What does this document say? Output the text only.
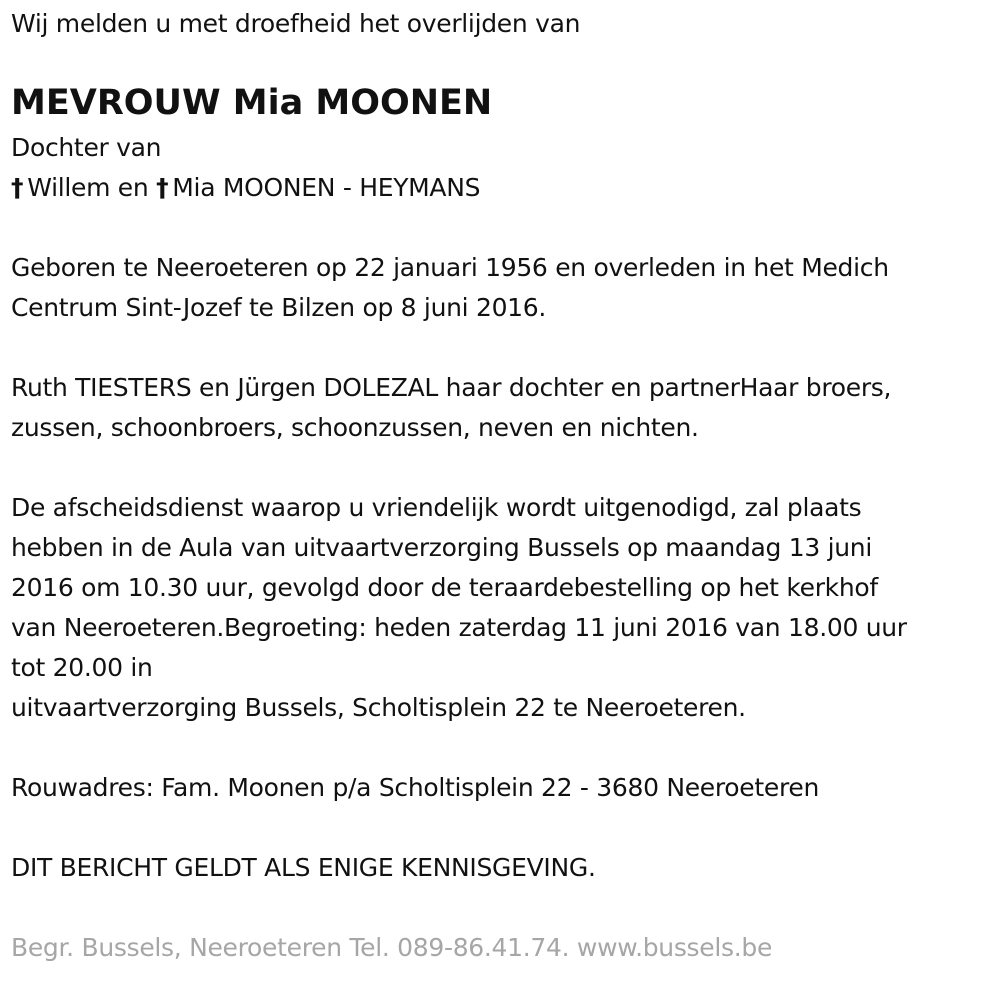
Wij melden u met droefheid het overlijden van
MEVROUW Mia MOONEN
Dochter van
† Willem en † Mia MOONEN - HEYMANS
Geboren te Neeroeteren op 22 januari 1956 en overleden in het Medich
Centrum Sint-Jozef te Bilzen op 8 juni 2016.
Ruth TIESTERS en Jürgen DOLEZAL haar dochter en partnerHaar broers,
zussen, schoonbroers, schoonzussen, neven en nichten.
De afscheidsdienst waarop u vriendelijk wordt uitgenodigd, zal plaats
hebben in de Aula van uitvaartverzorging Bussels op maandag 13 juni
2016 om 10.30 uur, gevolgd door de teraardebestelling op het kerkhof
van Neeroeteren.Begroeting: heden zaterdag 11 juni 2016 van 18.00 uur
tot 20.00 in
uitvaartverzorging Bussels, Scholtisplein 22 te Neeroeteren.
Rouwadres: Fam. Moonen p/a Scholtisplein 22 - 3680 Neeroeteren
DIT BERICHT GELDT ALS ENIGE KENNISGEVING.
Begr. Bussels, Neeroeteren Tel. 089-86.41.74. www.bussels.be
